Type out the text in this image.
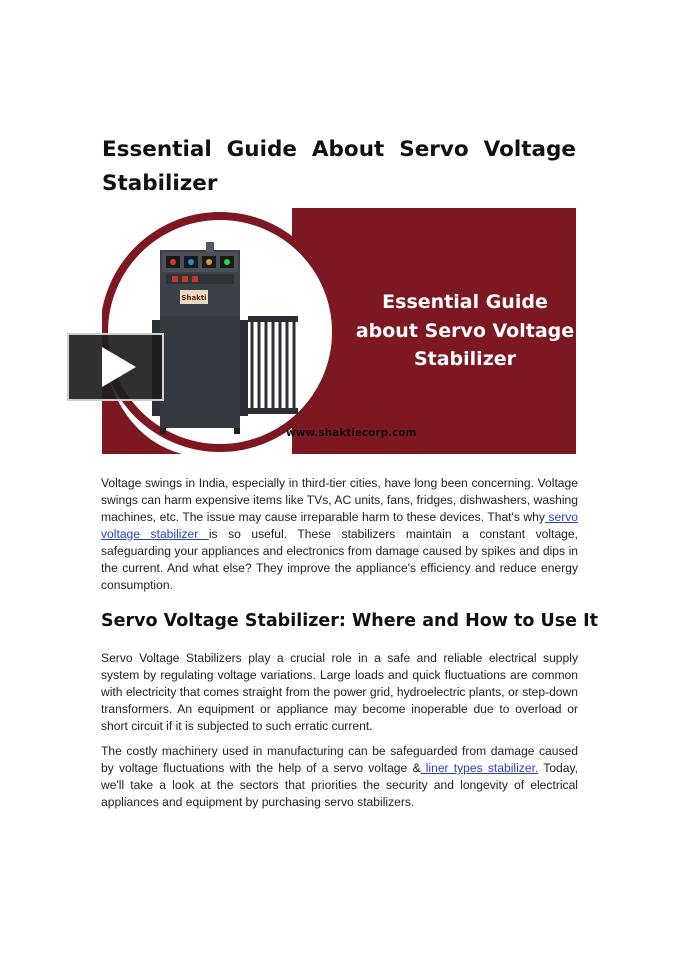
Essential Guide About Servo Voltage Stabilizer
Shakti	Essential Guide
about Servo Voltage
Stabilizer

www.shaktiecorp.com

Voltage swings in India, especially in third-tier cities, have long been concerning. Voltage swings can harm expensive items like TVs, AC units, fans, fridges, dishwashers, washing machines, etc. The issue may cause irreparable harm to these devices. That's why servo voltage stabilizer is so useful. These stabilizers maintain a constant voltage, safeguarding your appliances and electronics from damage caused by spikes and dips in the current. And what else? They improve the appliance's efficiency and reduce energy consumption.

Servo Voltage Stabilizer: Where and How to Use It

Servo Voltage Stabilizers play a crucial role in a safe and reliable electrical supply system by regulating voltage variations. Large loads and quick fluctuations are common with electricity that comes straight from the power grid, hydroelectric plants, or step-down transformers. An equipment or appliance may become inoperable due to overload or short circuit if it is subjected to such erratic current.

The costly machinery used in manufacturing can be safeguarded from damage caused by voltage fluctuations with the help of a servo voltage & liner types stabilizer. Today, we'll take a look at the sectors that priorities the security and longevity of electrical appliances and equipment by purchasing servo stabilizers.
